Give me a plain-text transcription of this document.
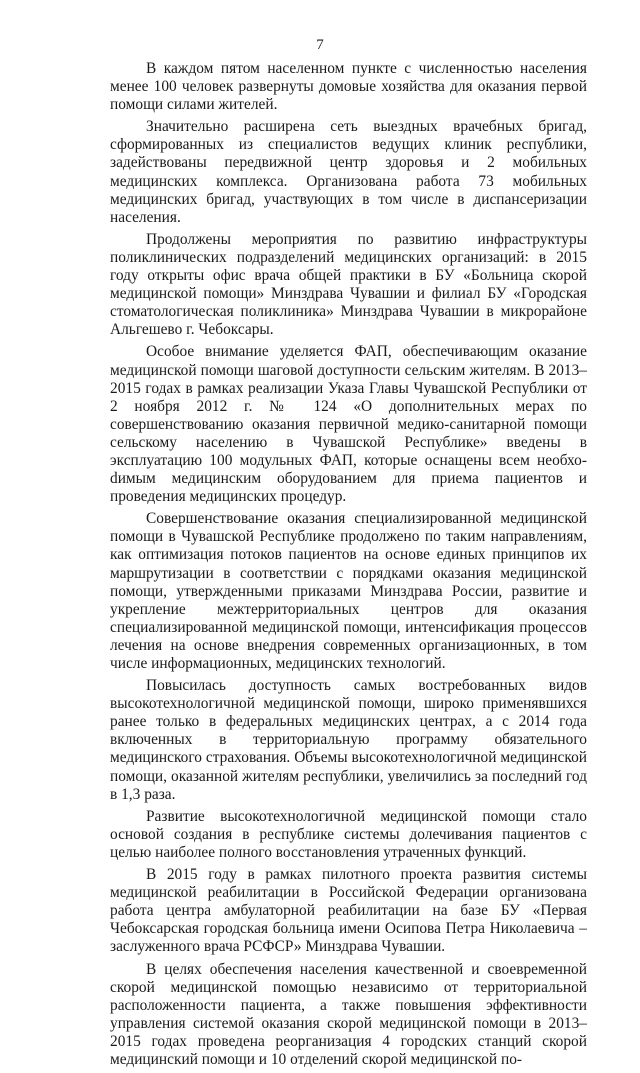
7

В каждом пятом населенном пункте с численностью населения менее 100 человек развернуты домовые хозяйства для оказания первой помощи силами жителей.

Значительно расширена сеть выездных врачебных бригад, сформированных из специалистов ведущих клиник республики, задействованы передвижной центр здоровья и 2 мобильных медицинских комплекса. Организована работа 73 мобильных медицинских бригад, участвующих в том числе в диспансеризации населения.

Продолжены мероприятия по развитию инфраструктуры поликлинических подразделений медицинских организаций: в 2015 году открыты офис врача общей практики в БУ «Больница скорой медицинской помощи» Минздрава Чувашии и филиал БУ «Городская стоматологическая поликлиника» Минздрава Чувашии в микрорайоне Альгешево г. Чебоксары.

Особое внимание уделяется ФАП, обеспечивающим оказание медицинской помощи шаговой доступности сельским жителям. В 2013–2015 годах в рамках реализации Указа Главы Чувашской Республики от 2 ноября 2012 г. № 124 «О дополнительных мерах по совершенствованию оказания первичной медико-санитарной помощи сельскому населению в Чувашской Республике» введены в эксплуатацию 100 модульных ФАП, которые оснащены всем необхоdимым медицинским оборудованием для приема пациентов и проведения медицинских процедур.

Совершенствование оказания специализированной медицинской помощи в Чувашской Республике продолжено по таким направлениям, как оптимизация потоков пациентов на основе единых принципов их маршрутизации в соответствии с порядками оказания медицинской помощи, утвержденными приказами Минздрава России, развитие и укрепление межтерриториальных центров для оказания специализированной медицинской помощи, интенсификация процессов лечения на основе внедрения современных организационных, в том числе информационных, медицинских технологий.

Повысилась доступность самых востребованных видов высокотехнологичной медицинской помощи, широко применявшихся ранее только в федеральных медицинских центрах, а с 2014 года включенных в территориальную программу обязательного медицинского страхования. Объемы высокотехнологичной медицинской помощи, оказанной жителям республики, увеличились за последний год в 1,3 раза.

Развитие высокотехнологичной медицинской помощи стало основой создания в республике системы долечивания пациентов с целью наиболее полного восстановления утраченных функций.

В 2015 году в рамках пилотного проекта развития системы медицинской реабилитации в Российской Федерации организована работа центра амбулаторной реабилитации на базе БУ «Первая Чебоксарская городская больница имени Осипова Петра Николаевича – заслуженного врача РСФСР» Минздрава Чувашии.

В целях обеспечения населения качественной и своевременной скорой медицинской помощью независимо от территориальной расположенности пациента, а также повышения эффективности управления системой оказания скорой медицинской помощи в 2013–2015 годах проведена реорганизация 4 городских станций скорой медицинский помощи и 10 отделений скорой медицинской по-
